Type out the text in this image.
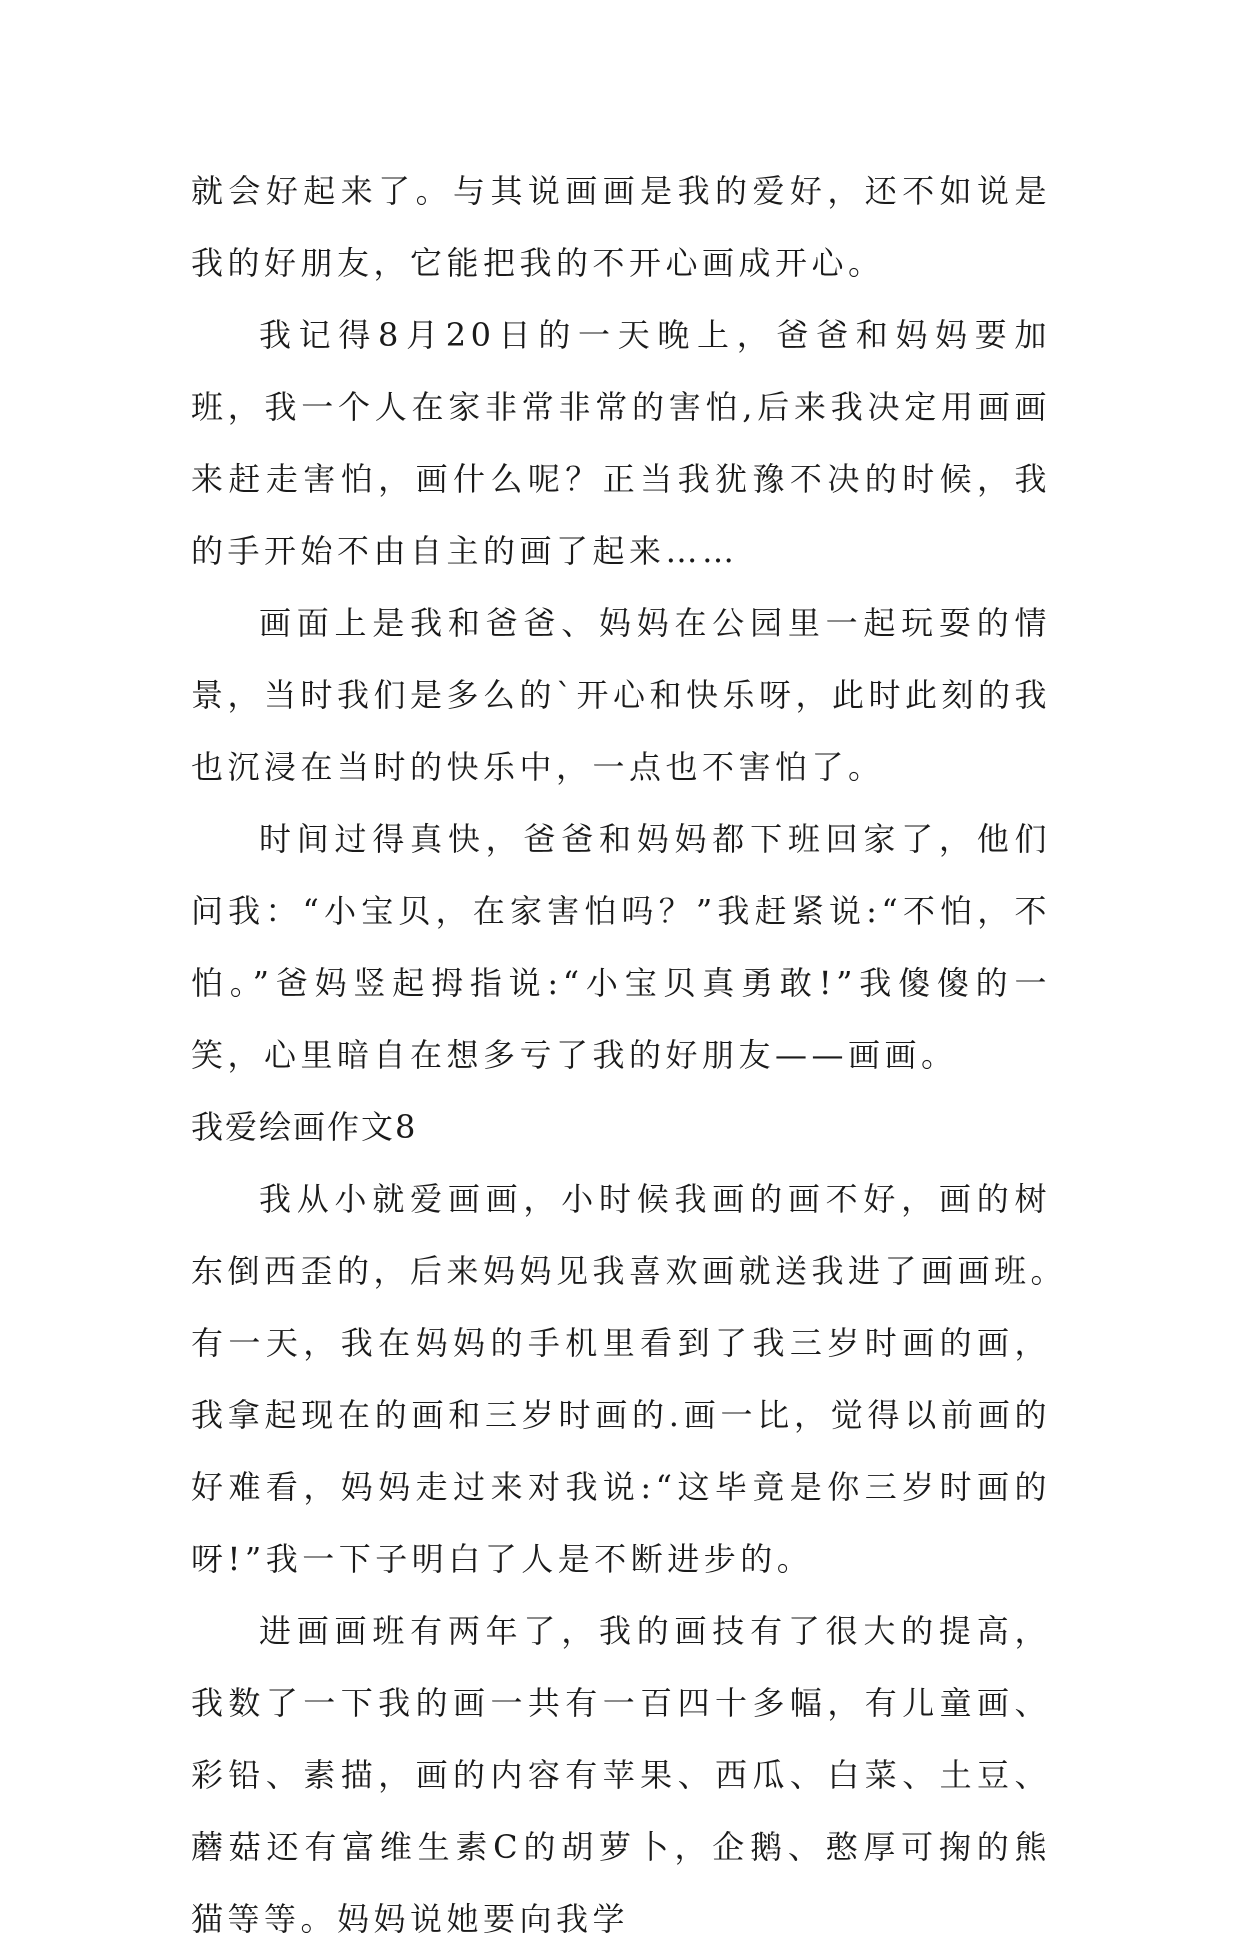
就会好起来了。与其说画画是我的爱好，还不如说是我的好朋友，它能把我的不开心画成开心。

我记得8月20日的一天晚上，爸爸和妈妈要加班，我一个人在家非常非常的害怕,后来我决定用画画来赶走害怕，画什么呢？正当我犹豫不决的时候，我的手开始不由自主的画了起来……

画面上是我和爸爸、妈妈在公园里一起玩耍的情景，当时我们是多么的`开心和快乐呀，此时此刻的我也沉浸在当时的快乐中，一点也不害怕了。

时间过得真快，爸爸和妈妈都下班回家了，他们问我：“小宝贝，在家害怕吗？”我赶紧说:“不怕，不怕。”爸妈竖起拇指说:“小宝贝真勇敢!”我傻傻的一笑，心里暗自在想多亏了我的好朋友——画画。

我爱绘画作文8

我从小就爱画画，小时候我画的画不好，画的树东倒西歪的，后来妈妈见我喜欢画就送我进了画画班。　有一天，我在妈妈的手机里看到了我三岁时画的画，我拿起现在的画和三岁时画的.画一比，觉得以前画的好难看，妈妈走过来对我说:“这毕竟是你三岁时画的呀!”我一下子明白了人是不断进步的。

进画画班有两年了，我的画技有了很大的提高，我数了一下我的画一共有一百四十多幅，有儿童画、彩铅、素描，画的内容有苹果、西瓜、白菜、土豆、蘑菇还有富维生素C的胡萝卜，企鹅、憨厚可掬的熊猫等等。妈妈说她要向我学
